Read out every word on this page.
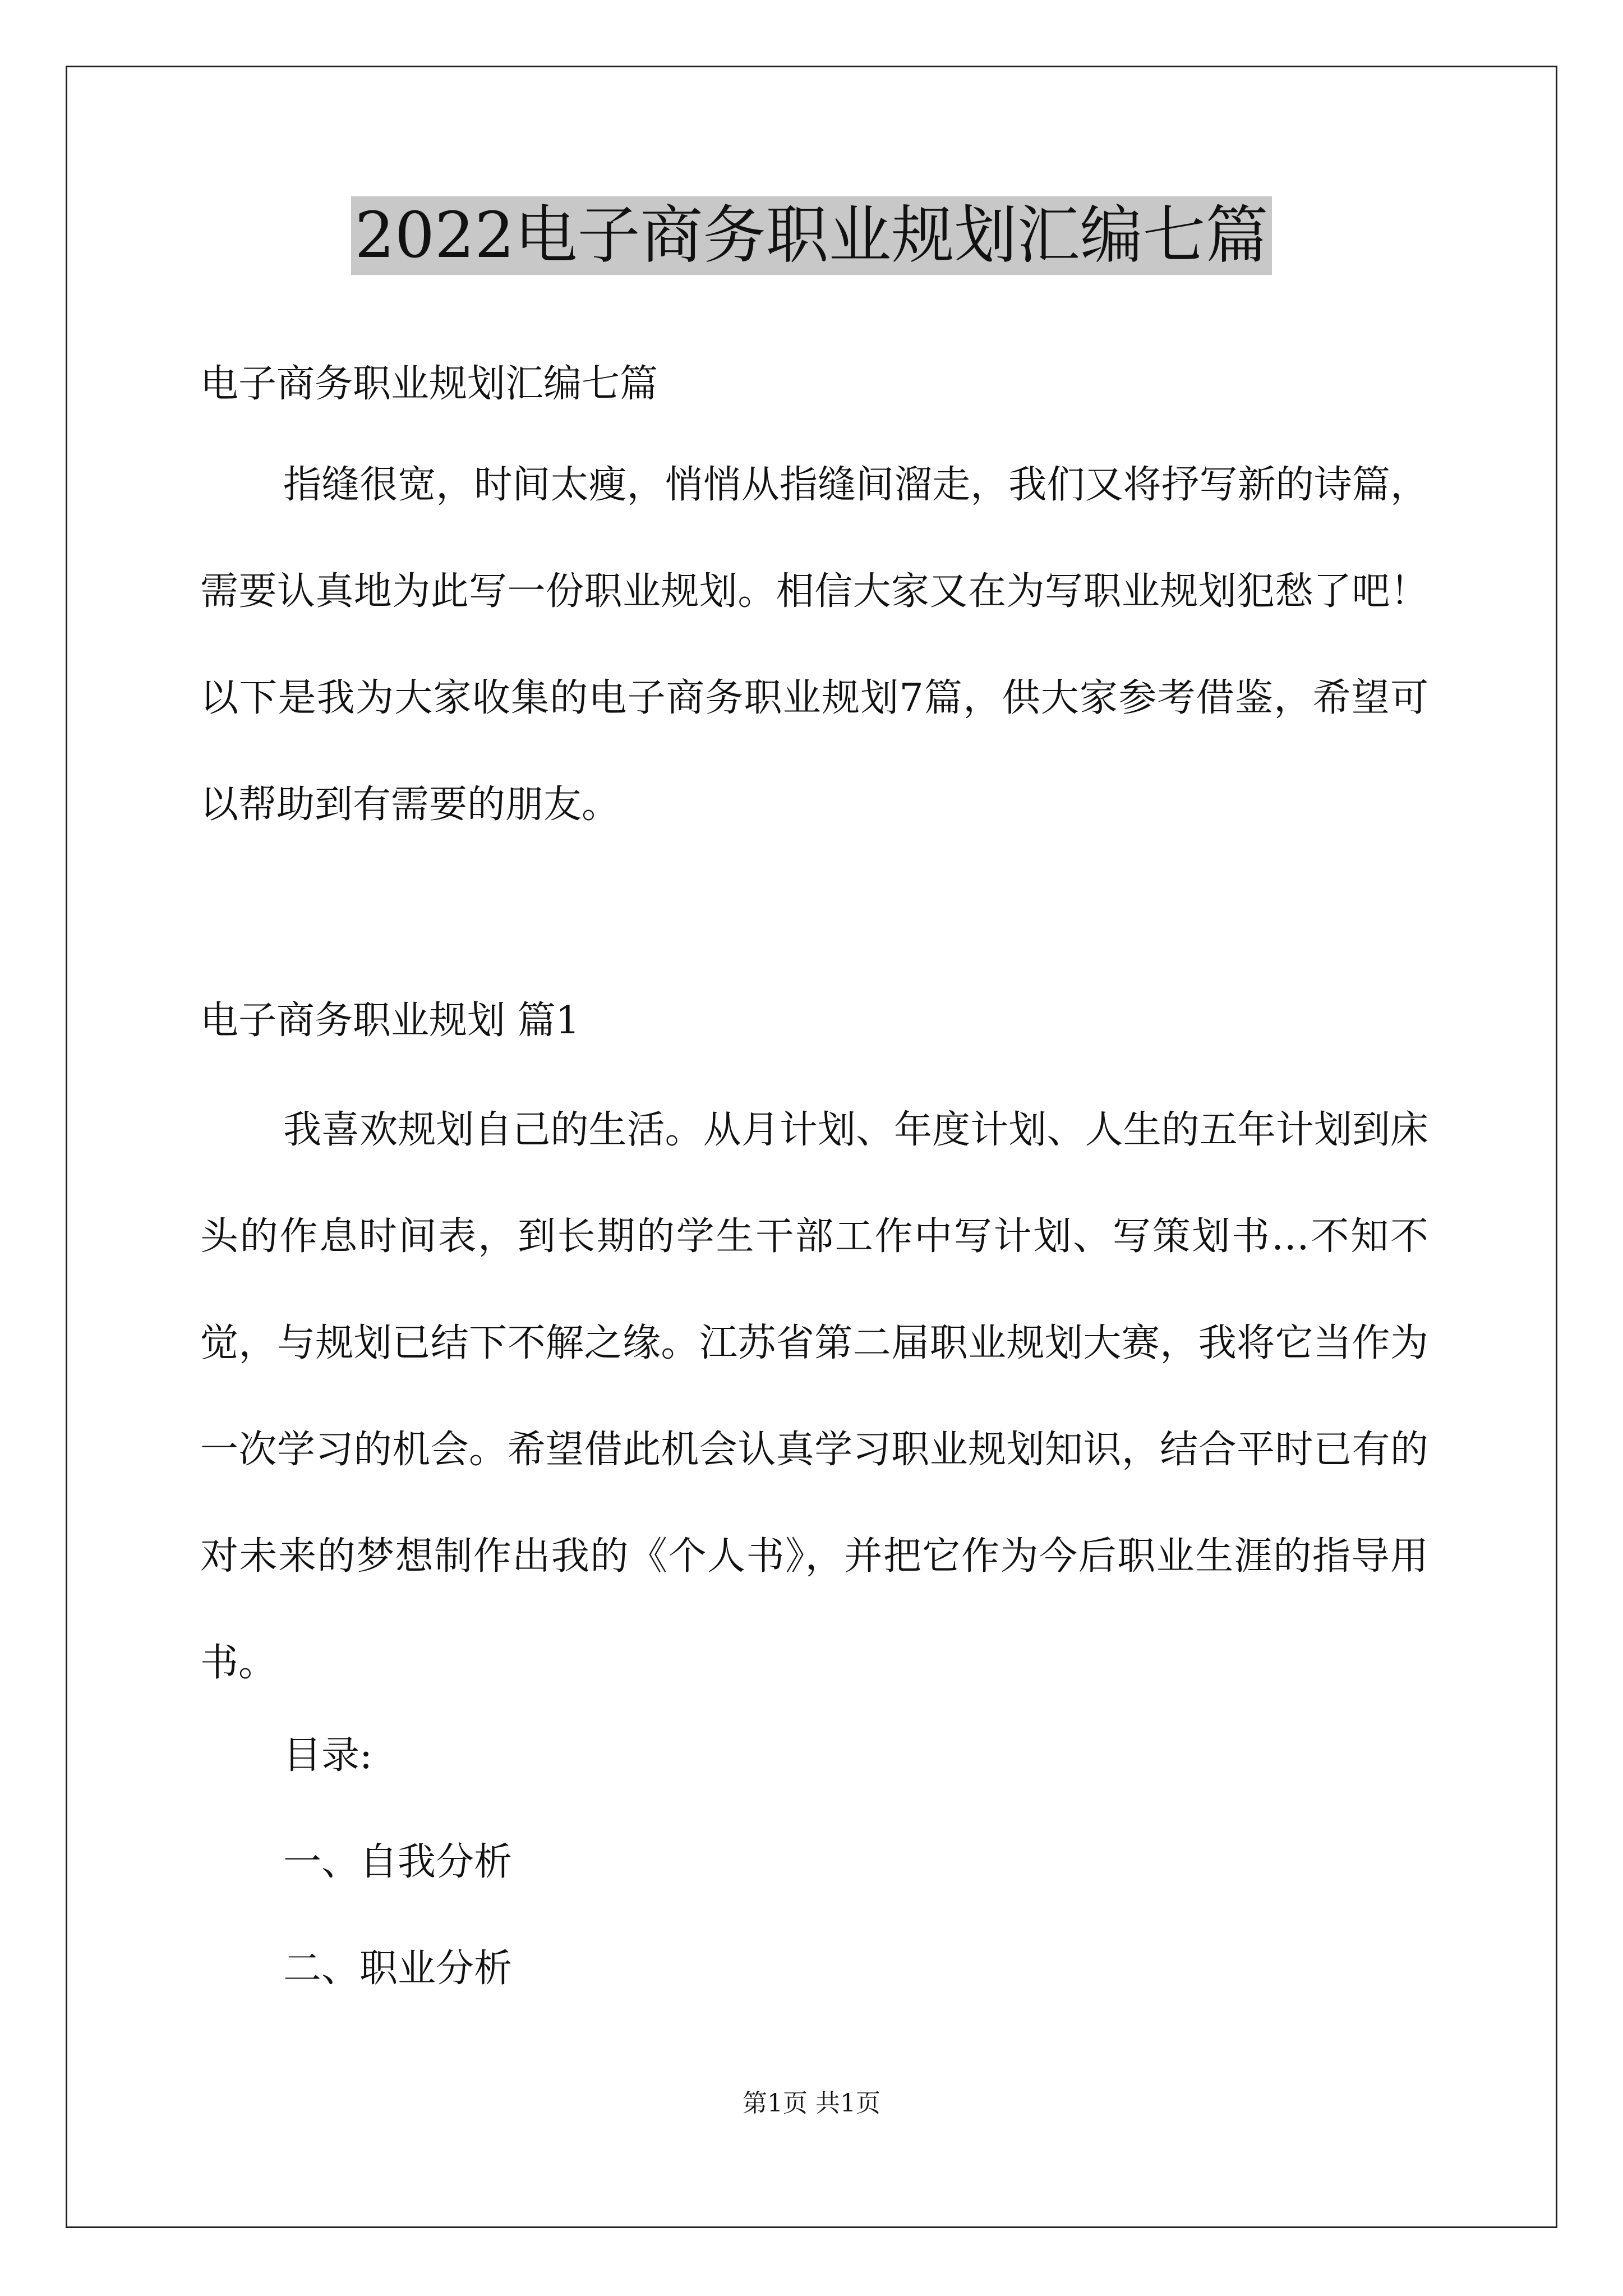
2022电子商务职业规划汇编七篇
电子商务职业规划汇编七篇

指缝很宽，时间太瘦，悄悄从指缝间溜走，我们又将抒写新的诗篇，需要认真地为此写一份职业规划。相信大家又在为写职业规划犯愁了吧！以下是我为大家收集的电子商务职业规划7篇，供大家参考借鉴，希望可以帮助到有需要的朋友。

电子商务职业规划 篇1

我喜欢规划自己的生活。从月计划、年度计划、人生的五年计划到床头的作息时间表，到长期的学生干部工作中写计划、写策划书…不知不觉，与规划已结下不解之缘。江苏省第二届职业规划大赛，我将它当作为一次学习的机会。希望借此机会认真学习职业规划知识，结合平时已有的对未来的梦想制作出我的《个人书》，并把它作为今后职业生涯的指导用书。

目录:
一、自我分析
二、职业分析
第1页 共1页
